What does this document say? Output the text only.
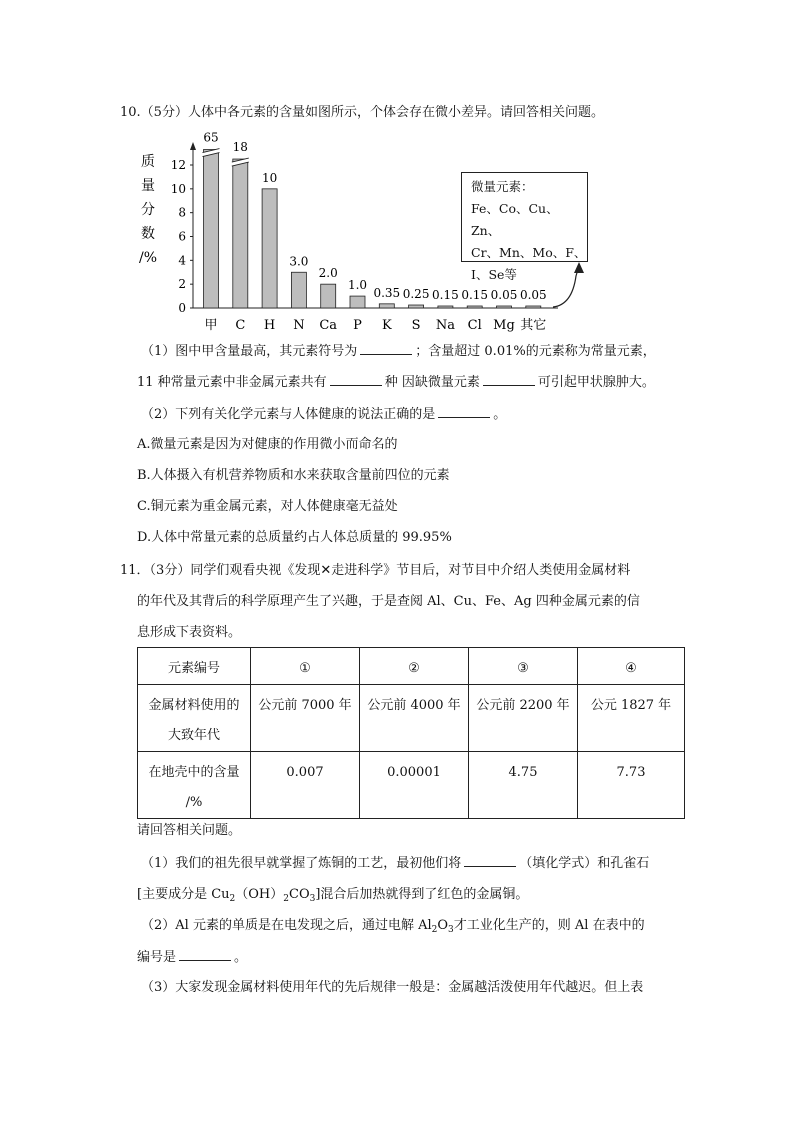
10.（5分）人体中各元素的含量如图所示，个体会存在微小差异。请回答相关问题。
质
量
分
数
/%
0
2
4
6
8
10
12
65
18
10
3.0
2.0
1.0
0.35 0.25 0.15 0.15 0.05 0.05
甲 C H N Ca P K S Na Cl Mg 其它
微量元素：
Fe、Co、Cu、Zn、
Cr、Mn、Mo、F、
I、Se等
（1）图中甲含量最高，其元素符号为	；含量超过 0.01%的元素称为常量元素，
11 种常量元素中非金属元素共有	种 因缺微量元素	可引起甲状腺肿大。
（2）下列有关化学元素与人体健康的说法正确的是	。
A.微量元素是因为对健康的作用微小而命名的
B.人体摄入有机营养物质和水来获取含量前四位的元素
C.铜元素为重金属元素，对人体健康毫无益处
D.人体中常量元素的总质量约占人体总质量的 99.95%
11．（3分）同学们观看央视《发现✕走进科学》节目后，对节目中介绍人类使用金属材料
的年代及其背后的科学原理产生了兴趣，于是查阅 Al、Cu、Fe、Ag 四种金属元素的信
息形成下表资料。
元素编号	①	②	③	④

金属材料使用的
大致年代	公元前 7000 年	公元前 4000 年	公元前 2200 年	公元 1827 年

在地壳中的含量
/%	0.007	0.00001	4.75	7.73
请回答相关问题。
（1）我们的祖先很早就掌握了炼铜的工艺，最初他们将	（填化学式）和孔雀石
[主要成分是 $Cu_2(OH)_2CO_3$]混合后加热就得到了红色的金属铜。
（2）Al 元素的单质是在电发现之后，通过电解 $Al_2O_3$才工业化生产的，则 Al 在表中的
编号是	。
（3）大家发现金属材料使用年代的先后规律一般是：金属越活泼使用年代越迟。但上表
